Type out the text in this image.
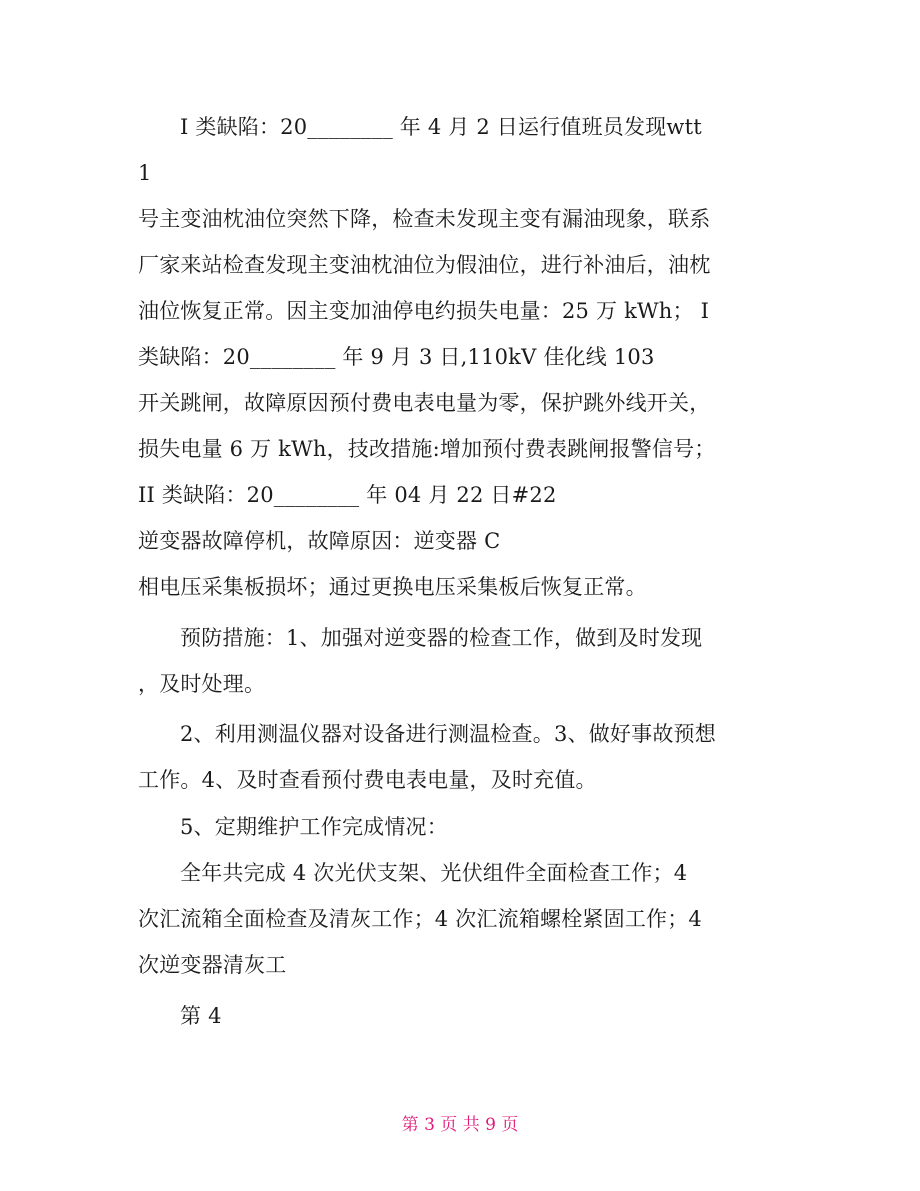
I 类缺陷：20________ 年 4 月 2 日运行值班员发现wtt
1
号主变油枕油位突然下降，检查未发现主变有漏油现象，联系
厂家来站检查发现主变油枕油位为假油位，进行补油后，油枕
油位恢复正常。因主变加油停电约损失电量：25 万 kWh； I
类缺陷：20________ 年 9 月 3 日,110kV 佳化线 103
开关跳闸，故障原因预付费电表电量为零，保护跳外线开关，
损失电量 6 万 kWh，技改措施:增加预付费表跳闸报警信号；
II 类缺陷：20________ 年 04 月 22 日#22
逆变器故障停机，故障原因：逆变器 C
相电压采集板损坏；通过更换电压采集板后恢复正常。
预防措施：1、加强对逆变器的检查工作，做到及时发现
，及时处理。
2、利用测温仪器对设备进行测温检查。3、做好事故预想
工作。4、及时查看预付费电表电量，及时充值。
5、定期维护工作完成情况：
全年共完成 4 次光伏支架、光伏组件全面检查工作；4
次汇流箱全面检查及清灰工作；4 次汇流箱螺栓紧固工作；4
次逆变器清灰工
第 4
第 3 页 共 9 页
